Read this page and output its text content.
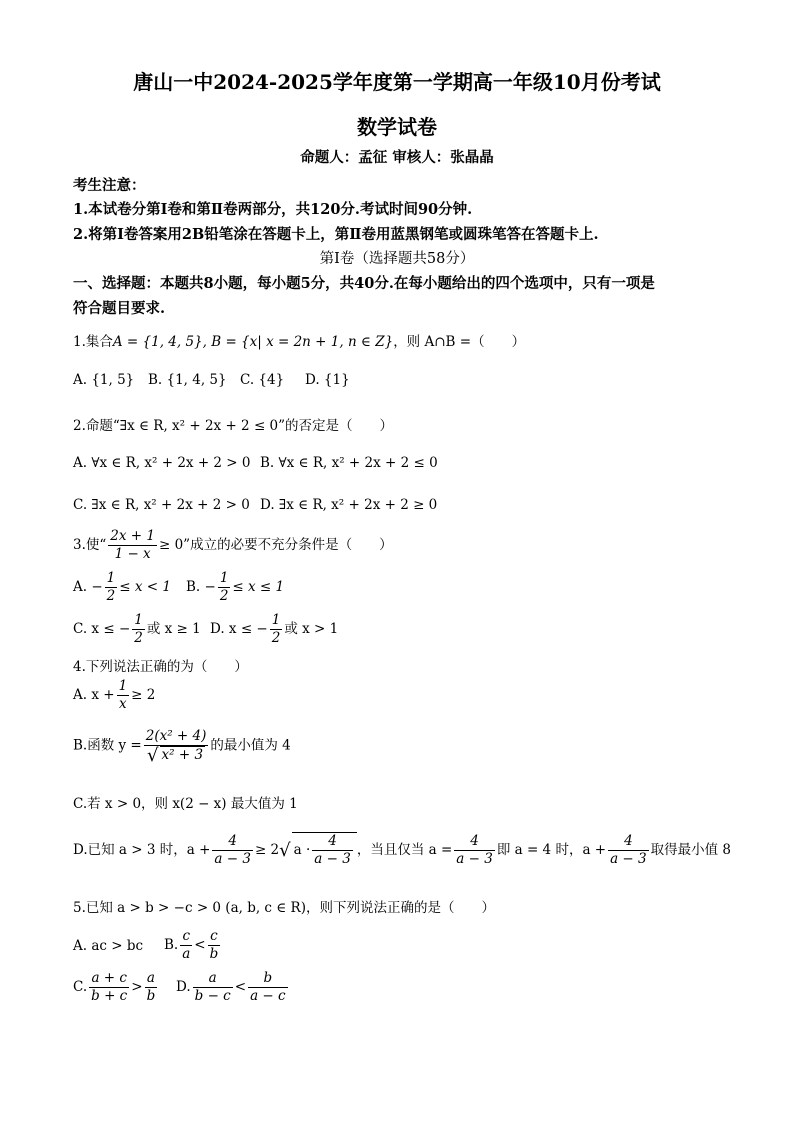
唐山一中2024-2025学年度第一学期高一年级10月份考试
数学试卷
命题人：孟征 审核人：张晶晶
考生注意：
1.本试卷分第Ⅰ卷和第Ⅱ卷两部分，共120分.考试时间90分钟.
2.将第Ⅰ卷答案用2B铅笔涂在答题卡上，第Ⅱ卷用蓝黑钢笔或圆珠笔答在答题卡上.
第Ⅰ卷（选择题共58分）
一、选择题：本题共8小题，每小题5分，共40分.在每小题给出的四个选项中，只有一项是
符合题目要求.
1.集合A = {1, 4, 5}, B = {x| x = 2n + 1, n ∈ Z}，则 A∩B =（　　）
A. {1, 5} B. {1, 4, 5} C. {4} D. {1}
2.命题“∃x ∈ R, x² + 2x + 2 ≤ 0”的否定是（　　）
A. ∀x ∈ R, x² + 2x + 2 > 0 B. ∀x ∈ R, x² + 2x + 2 ≤ 0
C. ∃x ∈ R, x² + 2x + 2 > 0 D. ∃x ∈ R, x² + 2x + 2 ≥ 0
3.使“ $\frac{2x + 1}{1 - x} \ge 0$”成立的必要不充分条件是（　　）
A. − $\frac{1}{2} \le x < 1$ B. − $\frac{1}{2} \le x \le 1$
C. x ≤ − $\frac{1}{2}$ 或 x ≥ 1 D. x ≤ − $\frac{1}{2}$ 或 x > 1
4.下列说法正确的为（　　）
A. $x + \frac{1}{x} \ge 2$
B.函数 $y = \frac{\text{2(x² + 4)}}{\text{√ x² + 3}}$ 的最小值为 4
C.若 x > 0，则 x(2 − x) 最大值为 1
D.已知 a > 3 时，$a + \frac{4}{a - 3} \ge 2√$ $a \cdot \frac{4}{a - 3}$ ，当且仅当 $a = \frac{4}{a - 3}$ 即 a = 4 时，$a + \frac{4}{a - 3}$ 取得最小值 8
5.已知 a > b > −c > 0 (a, b, c ∈ R)，则下列说法正确的是（　　）
A. ac > bc B. $\frac{c}{a} < \frac{c}{b}$
C. $\frac{a + c}{b + c} > \frac{a}{b} D$. $\frac{a}{b - c} < \frac{b}{a - c}$
